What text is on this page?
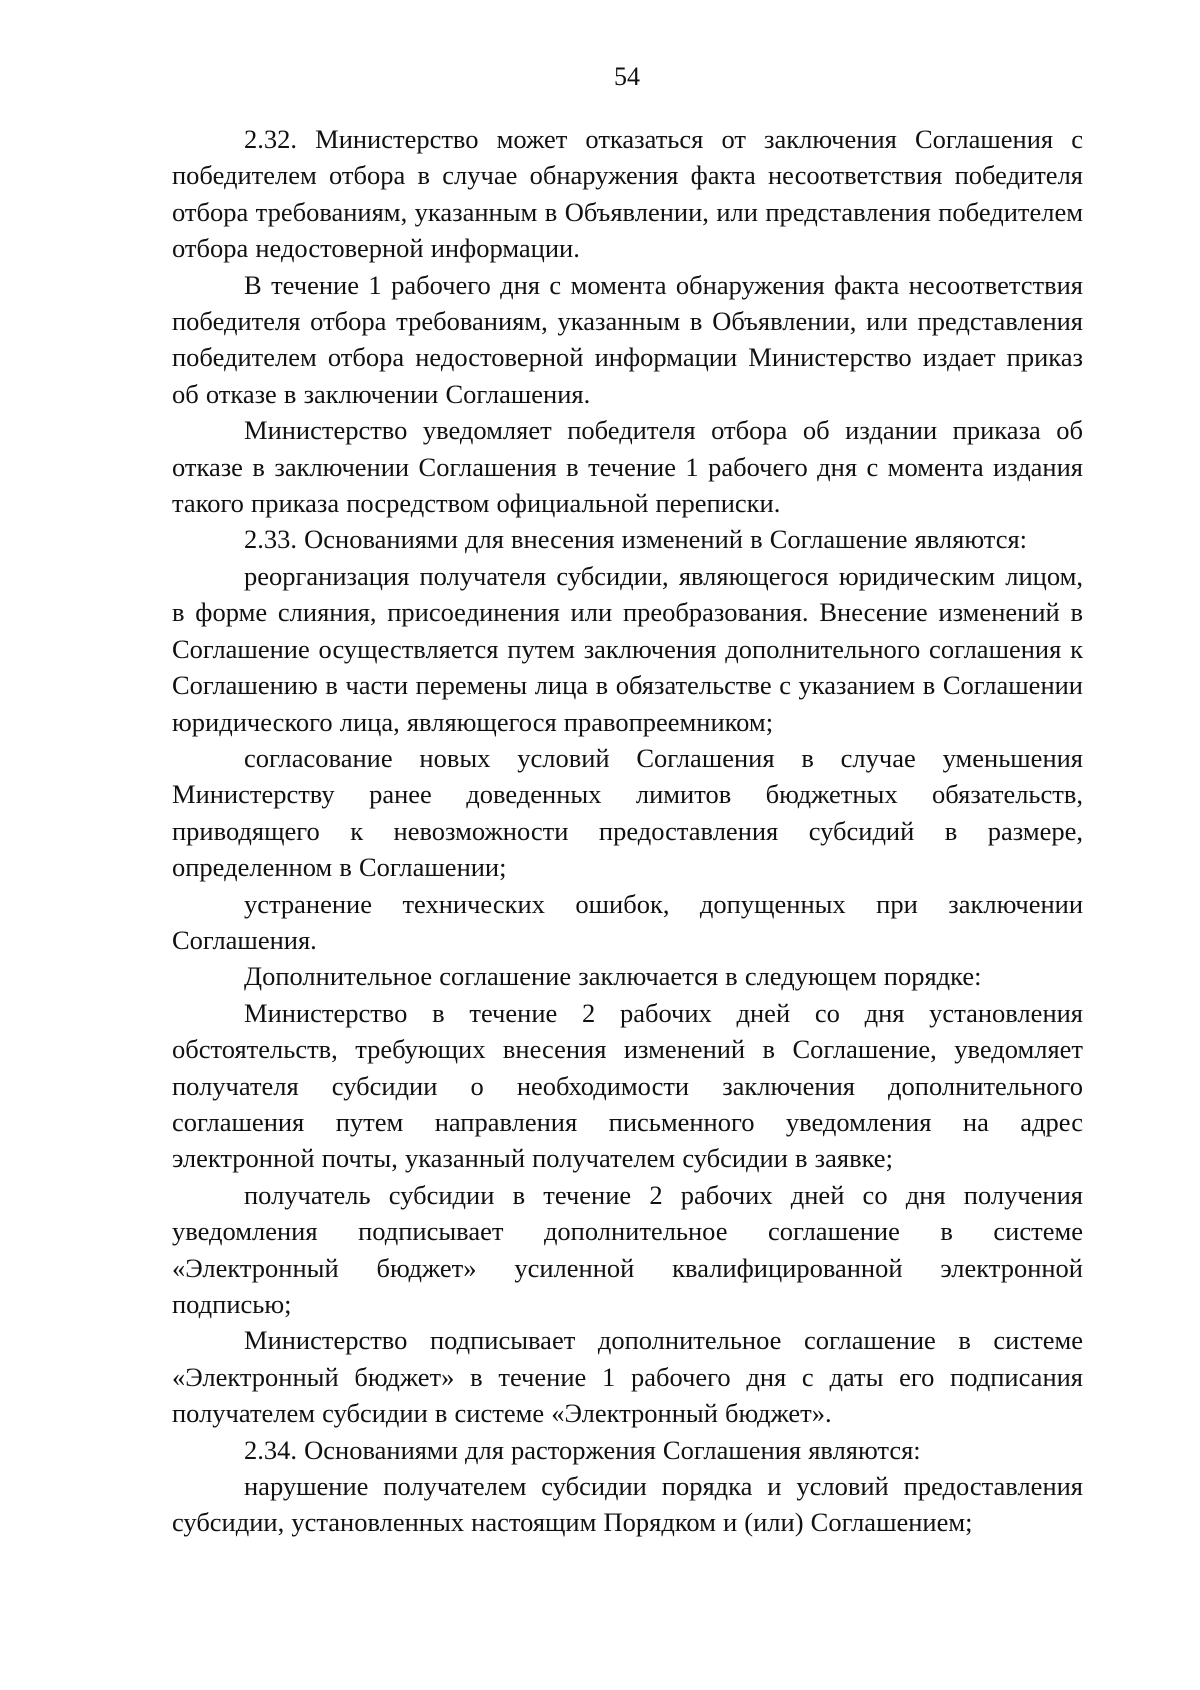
54

2.32. Министерство может отказаться от заключения Соглашения с победителем отбора в случае обнаружения факта несоответствия победителя отбора требованиям, указанным в Объявлении, или представления победителем отбора недостоверной информации.

В течение 1 рабочего дня с момента обнаружения факта несоответствия победителя отбора требованиям, указанным в Объявлении, или представления победителем отбора недостоверной информации Министерство издает приказ об отказе в заключении Соглашения.

Министерство уведомляет победителя отбора об издании приказа об отказе в заключении Соглашения в течение 1 рабочего дня с момента издания такого приказа посредством официальной переписки.

2.33. Основаниями для внесения изменений в Соглашение являются:

реорганизация получателя субсидии, являющегося юридическим лицом, в форме слияния, присоединения или преобразования. Внесение изменений в Соглашение осуществляется путем заключения дополнительного соглашения к Соглашению в части перемены лица в обязательстве с указанием в Соглашении юридического лица, являющегося правопреемником;

согласование новых условий Соглашения в случае уменьшения Министерству ранее доведенных лимитов бюджетных обязательств, приводящего к невозможности предоставления субсидий в размере, определенном в Соглашении;

устранение технических ошибок, допущенных при заключении Соглашения.

Дополнительное соглашение заключается в следующем порядке:

Министерство в течение 2 рабочих дней со дня установления обстоятельств, требующих внесения изменений в Соглашение, уведомляет получателя субсидии о необходимости заключения дополнительного соглашения путем направления письменного уведомления на адрес электронной почты, указанный получателем субсидии в заявке;

получатель субсидии в течение 2 рабочих дней со дня получения уведомления подписывает дополнительное соглашение в системе «Электронный бюджет» усиленной квалифицированной электронной подписью;

Министерство подписывает дополнительное соглашение в системе «Электронный бюджет» в течение 1 рабочего дня с даты его подписания получателем субсидии в системе «Электронный бюджет».

2.34. Основаниями для расторжения Соглашения являются:

нарушение получателем субсидии порядка и условий предоставления субсидии, установленных настоящим Порядком и (или) Соглашением;
